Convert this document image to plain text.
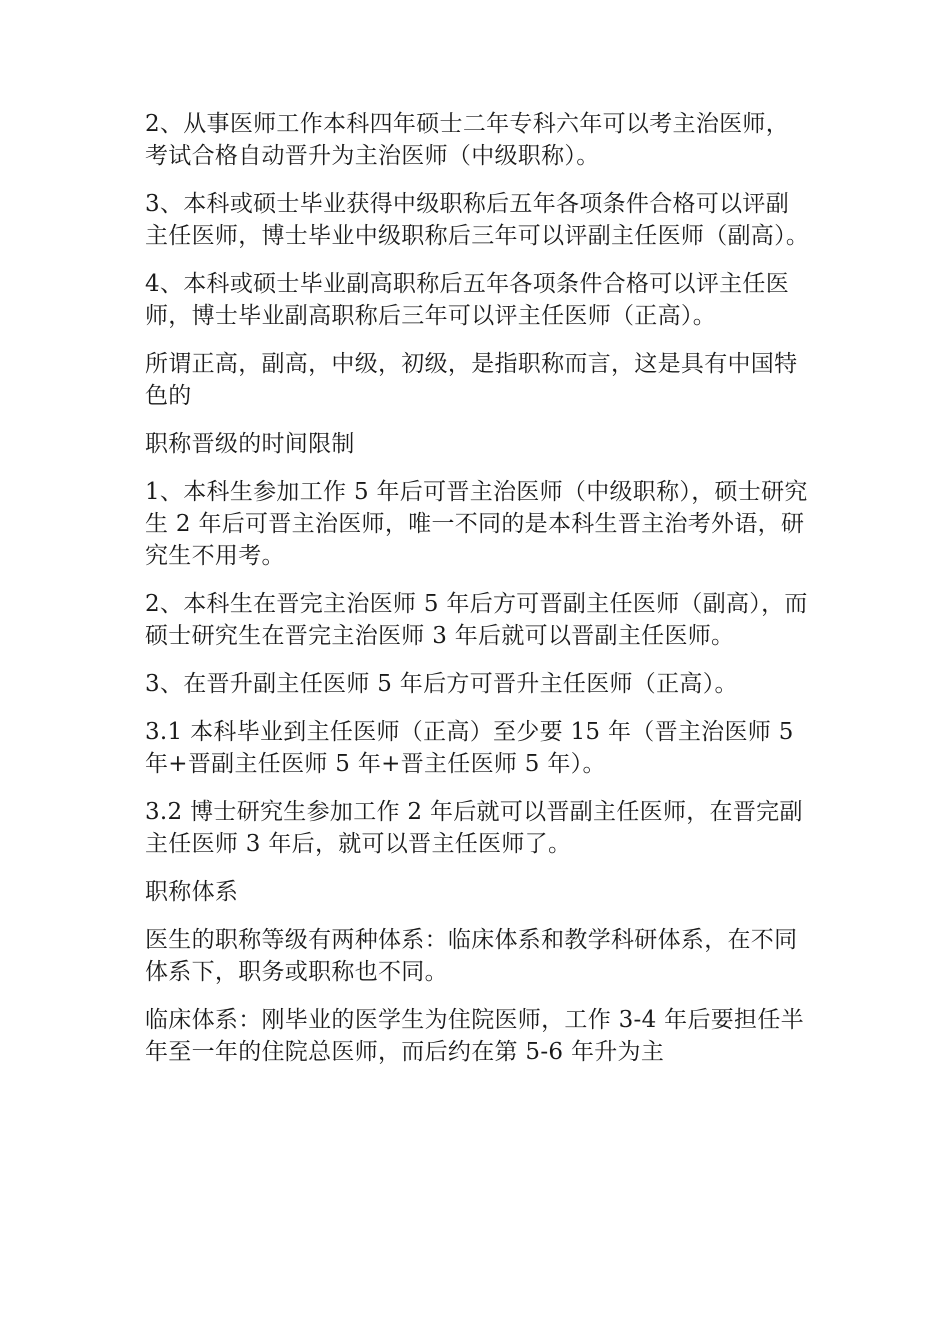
2、从事医师工作本科四年硕士二年专科六年可以考主治医师，考试合格自动晋升为主治医师（中级职称）。

3、本科或硕士毕业获得中级职称后五年各项条件合格可以评副主任医师，博士毕业中级职称后三年可以评副主任医师（副高）。

4、本科或硕士毕业副高职称后五年各项条件合格可以评主任医师，博士毕业副高职称后三年可以评主任医师（正高）。

所谓正高，副高，中级，初级，是指职称而言，这是具有中国特色的

职称晋级的时间限制

1、本科生参加工作 5 年后可晋主治医师（中级职称），硕士研究生 2 年后可晋主治医师，唯一不同的是本科生晋主治考外语，研究生不用考。

2、本科生在晋完主治医师 5 年后方可晋副主任医师（副高），而硕士研究生在晋完主治医师 3 年后就可以晋副主任医师。

3、在晋升副主任医师 5 年后方可晋升主任医师（正高）。

3.1 本科毕业到主任医师（正高）至少要 15 年（晋主治医师 5 年+晋副主任医师 5 年+晋主任医师 5 年）。

3.2 博士研究生参加工作 2 年后就可以晋副主任医师，在晋完副主任医师 3 年后，就可以晋主任医师了。

职称体系

医生的职称等级有两种体系：临床体系和教学科研体系，在不同体系下，职务或职称也不同。

临床体系：刚毕业的医学生为住院医师，工作 3-4 年后要担任半年至一年的住院总医师，而后约在第 5-6 年升为主
